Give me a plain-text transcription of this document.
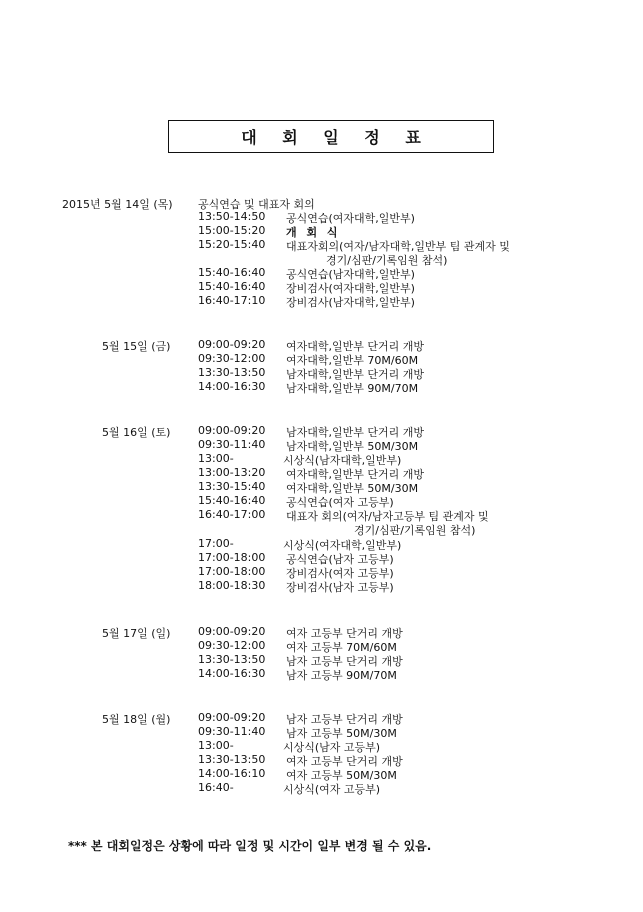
대 회 일 정 표
2015년 5월 14일 (목) 공식연습 및 대표자 회의
13:50-14:50 공식연습(여자대학,일반부)
15:00-15:20 개 회 식
15:20-15:40 대표자회의(여자/남자대학,일반부 팀 관계자 및
경기/심판/기록임원 참석)
15:40-16:40 공식연습(남자대학,일반부)
15:40-16:40 장비검사(여자대학,일반부)
16:40-17:10 장비검사(남자대학,일반부)
5월 15일 (금)	09:00-09:20 여자대학,일반부 단거리 개방
09:30-12:00 여자대학,일반부 70M/60M
13:30-13:50 남자대학,일반부 단거리 개방
14:00-16:30 남자대학,일반부 90M/70M
5월 16일 (토)	09:00-09:20 남자대학,일반부 단거리 개방
09:30-11:40 남자대학,일반부 50M/30M
13:00-	시상식(남자대학,일반부)
13:00-13:20 여자대학,일반부 단거리 개방
13:30-15:40 여자대학,일반부 50M/30M
15:40-16:40 공식연습(여자 고등부)
16:40-17:00 대표자 회의(여자/남자고등부 팀 관계자 및
경기/심판/기록임원 참석)
17:00-	시상식(여자대학,일반부)
17:00-18:00 공식연습(남자 고등부)
17:00-18:00 장비검사(여자 고등부)
18:00-18:30 장비검사(남자 고등부)
5월 17일 (일)	09:00-09:20 여자 고등부 단거리 개방
09:30-12:00 여자 고등부 70M/60M
13:30-13:50 남자 고등부 단거리 개방
14:00-16:30 남자 고등부 90M/70M
5월 18일 (월)	09:00-09:20 남자 고등부 단거리 개방
09:30-11:40 남자 고등부 50M/30M
13:00-	시상식(남자 고등부)
13:30-13:50 여자 고등부 단거리 개방
14:00-16:10 여자 고등부 50M/30M
16:40-	시상식(여자 고등부)
*** 본 대회일정은 상황에 따라 일정 및 시간이 일부 변경 될 수 있음.
